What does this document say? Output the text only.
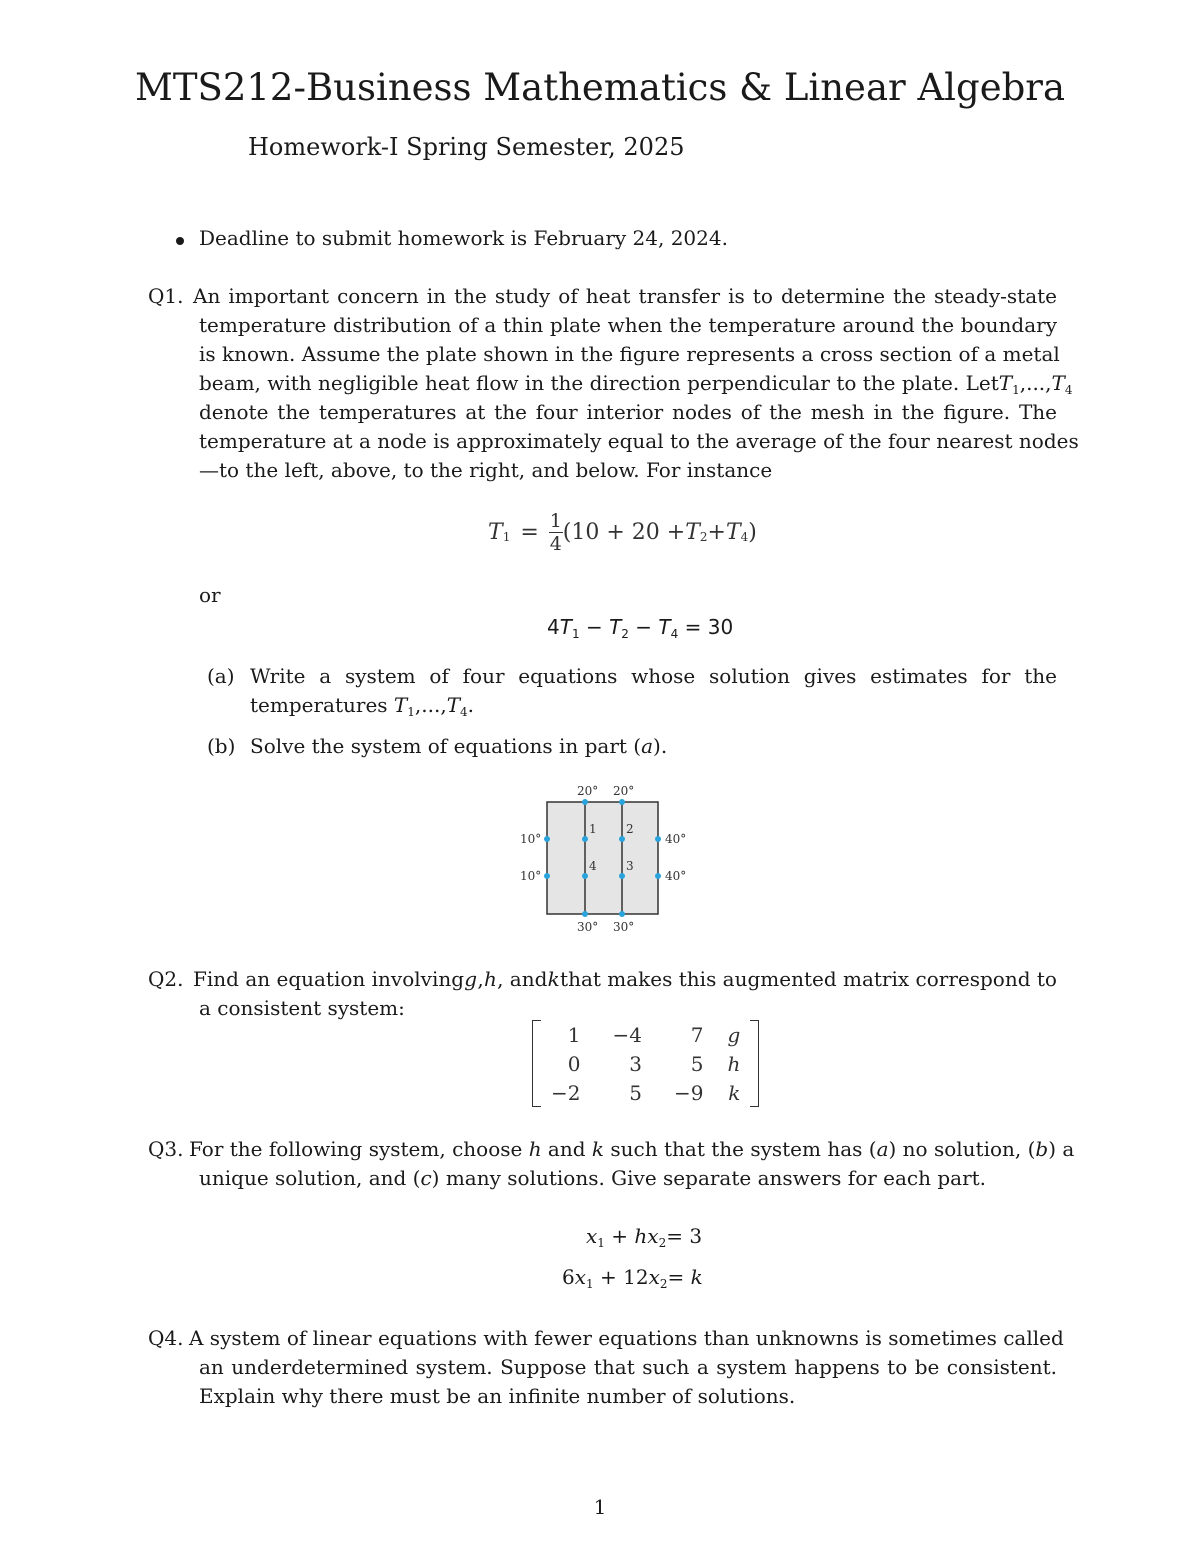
MTS212-Business Mathematics & Linear Algebra
Homework-I Spring Semester, 2025
Deadline to submit homework is February 24, 2024.
Q1. An important concern in the study of heat transfer is to determine the steady-state
temperature distribution of a thin plate when the temperature around the boundary
is known. Assume the plate shown in the figure represents a cross section of a metal
beam, with negligible heat flow in the direction perpendicular to the plate. Let $T_1,...,T_4$
denote the temperatures at the four interior nodes of the mesh in the figure. The
temperature at a node is approximately equal to the average of the four nearest nodes
—to the left, above, to the right, and below. For instance
T 1 = 1
4 (10 + 20 + T 2 + T 4 )
or
$4T_1 - T_2 - T_4 = 30$
(a) Write a system of four equations whose solution gives estimates for the
temperatures $T_1,...,T_4$.
(b) Solve the system of equations in part (a).
20° 20°
30° 30°
10°
10°
40°
40°
1 2
3
4
Q2. Find an equation involving g , h , and k that makes this augmented matrix correspond to
a consistent system:
1	−4	7	g
0	3	5	h
−2	5	−9	k
Q3. For the following system, choose h and k such that the system has (a) no solution, (b) a
unique solution, and (c) many solutions. Give separate answers for each part.
$x_1 + hx_2= 3$
$6x_1 + 12x_2= k$
Q4. A system of linear equations with fewer equations than unknowns is sometimes called
an underdetermined system. Suppose that such a system happens to be consistent.
Explain why there must be an infinite number of solutions.
1
